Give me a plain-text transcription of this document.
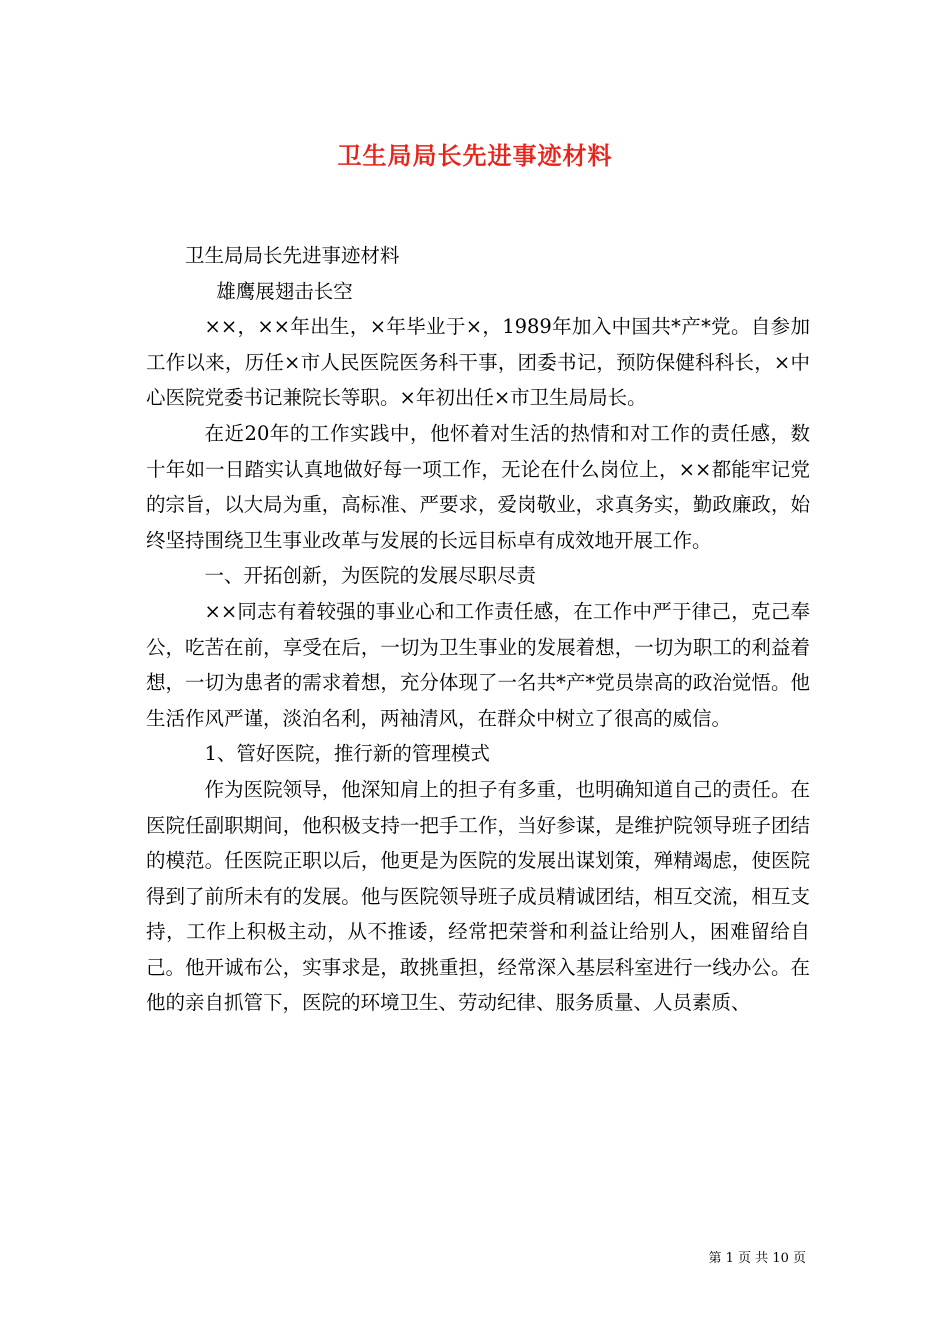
卫生局局长先进事迹材料

卫生局局长先进事迹材料

雄鹰展翅击长空

××，××年出生，×年毕业于×，1989年加入中国共*产*党。自参加工作以来，历任×市人民医院医务科干事，团委书记，预防保健科科长，×中心医院党委书记兼院长等职。×年初出任×市卫生局局长。

在近20年的工作实践中，他怀着对生活的热情和对工作的责任感，数十年如一日踏实认真地做好每一项工作，无论在什么岗位上，××都能牢记党的宗旨，以大局为重，高标准、严要求，爱岗敬业，求真务实，勤政廉政，始终坚持围绕卫生事业改革与发展的长远目标卓有成效地开展工作。

一、开拓创新，为医院的发展尽职尽责

××同志有着较强的事业心和工作责任感，在工作中严于律己，克己奉公，吃苦在前，享受在后，一切为卫生事业的发展着想，一切为职工的利益着想，一切为患者的需求着想，充分体现了一名共*产*党员崇高的政治觉悟。他生活作风严谨，淡泊名利，两袖清风，在群众中树立了很高的威信。

1、管好医院，推行新的管理模式

作为医院领导，他深知肩上的担子有多重，也明确知道自己的责任。在医院任副职期间，他积极支持一把手工作，当好参谋，是维护院领导班子团结的模范。任医院正职以后，他更是为医院的发展出谋划策，殚精竭虑，使医院得到了前所未有的发展。他与医院领导班子成员精诚团结，相互交流，相互支持，工作上积极主动，从不推诿，经常把荣誉和利益让给别人，困难留给自己。他开诚布公，实事求是，敢挑重担，经常深入基层科室进行一线办公。在他的亲自抓管下，医院的环境卫生、劳动纪律、服务质量、人员素质、

第 1 页 共 10 页
